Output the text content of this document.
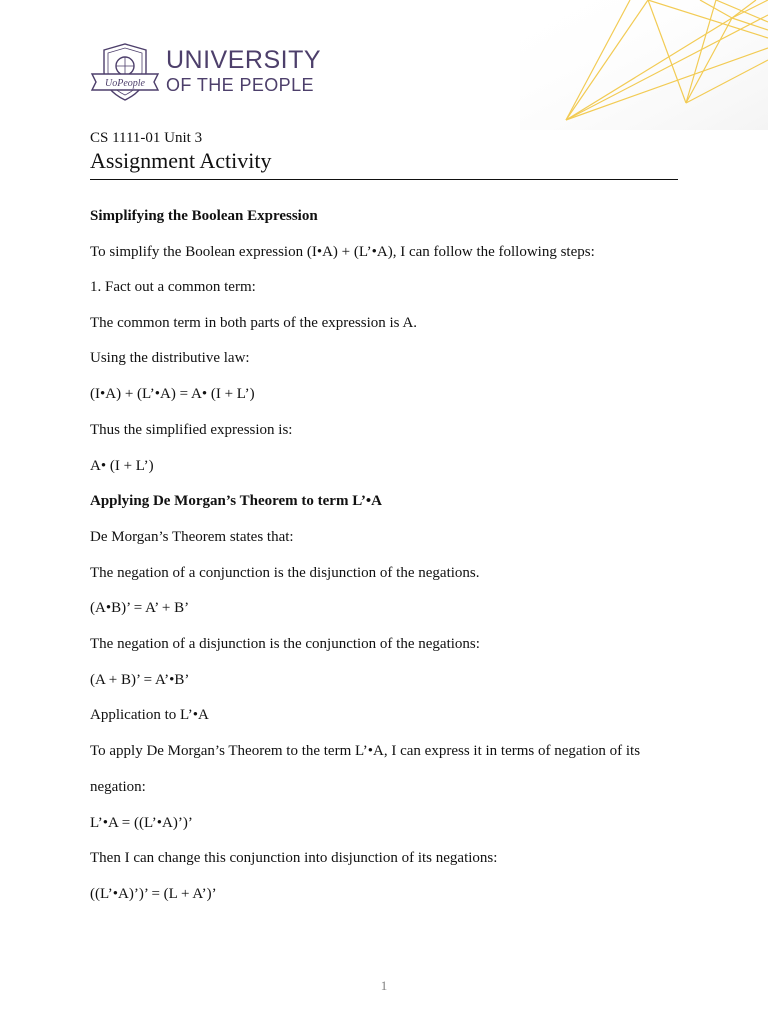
UoPeople
UNIVERSITY
OF THE PEOPLE
CS 1111-01 Unit 3
Assignment Activity
Simplifying the Boolean Expression
To simplify the Boolean expression (I•A) + (L’•A), I can follow the following steps:
1. Fact out a common term:
The common term in both parts of the expression is A.
Using the distributive law:
(I•A) + (L’•A) = A• (I + L’)
Thus the simplified expression is:
A• (I + L’)
Applying De Morgan’s Theorem to term L’•A
De Morgan’s Theorem states that:
The negation of a conjunction is the disjunction of the negations.
(A•B)’ = A’ + B’
The negation of a disjunction is the conjunction of the negations:
(A + B)’ = A’•B’
Application to L’•A
To apply De Morgan’s Theorem to the term L’•A, I can express it in terms of negation of its
negation:
L’•A = ((L’•A)’)’
Then I can change this conjunction into disjunction of its negations:
((L’•A)’)’ = (L + A’)’
1
